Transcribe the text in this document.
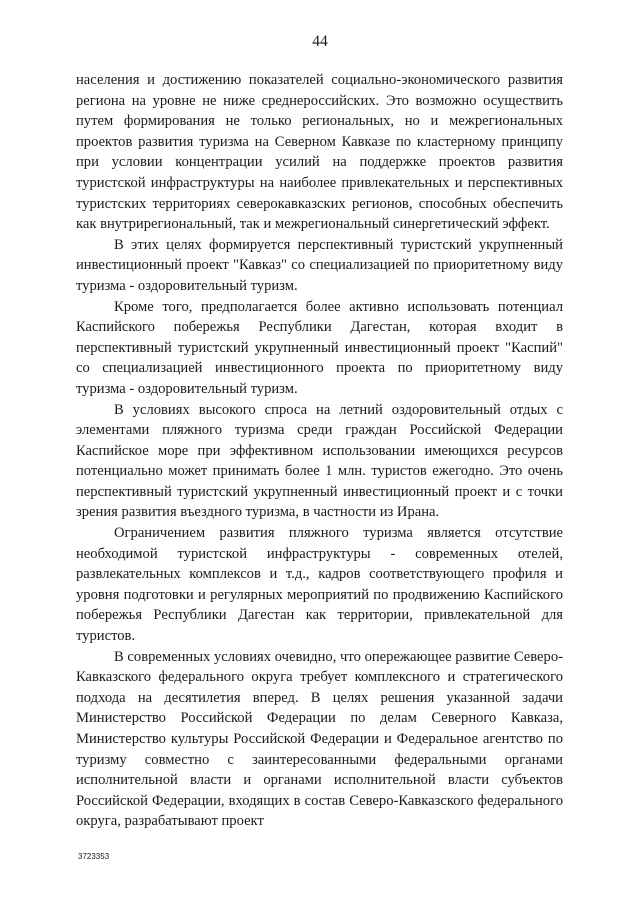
44

населения и достижению показателей социально-экономического развития региона на уровне не ниже среднероссийских. Это возможно осуществить путем формирования не только региональных, но и межрегиональных проектов развития туризма на Северном Кавказе по кластерному принципу при условии концентрации усилий на поддержке проектов развития туристской инфраструктуры на наиболее привлекательных и перспективных туристских территориях северокавказских регионов, способных обеспечить как внутрирегиональный, так и межрегиональный синергетический эффект.

В этих целях формируется перспективный туристский укрупненный инвестиционный проект "Кавказ" со специализацией по приоритетному виду туризма - оздоровительный туризм.

Кроме того, предполагается более активно использовать потенциал Каспийского побережья Республики Дагестан, которая входит в перспективный туристский укрупненный инвестиционный проект "Каспий" со специализацией инвестиционного проекта по приоритетному виду туризма - оздоровительный туризм.

В условиях высокого спроса на летний оздоровительный отдых с элементами пляжного туризма среди граждан Российской Федерации Каспийское море при эффективном использовании имеющихся ресурсов потенциально может принимать более 1 млн. туристов ежегодно. Это очень перспективный туристский укрупненный инвестиционный проект и с точки зрения развития въездного туризма, в частности из Ирана.

Ограничением развития пляжного туризма является отсутствие необходимой туристской инфраструктуры - современных отелей, развлекательных комплексов и т.д., кадров соответствующего профиля и уровня подготовки и регулярных мероприятий по продвижению Каспийского побережья Республики Дагестан как территории, привлекательной для туристов.

В современных условиях очевидно, что опережающее развитие Северо-Кавказского федерального округа требует комплексного и стратегического подхода на десятилетия вперед. В целях решения указанной задачи Министерство Российской Федерации по делам Северного Кавказа, Министерство культуры Российской Федерации и Федеральное агентство по туризму совместно с заинтересованными федеральными органами исполнительной власти и органами исполнительной власти субъектов Российской Федерации, входящих в состав Северо-Кавказского федерального округа, разрабатывают проект

3723353
